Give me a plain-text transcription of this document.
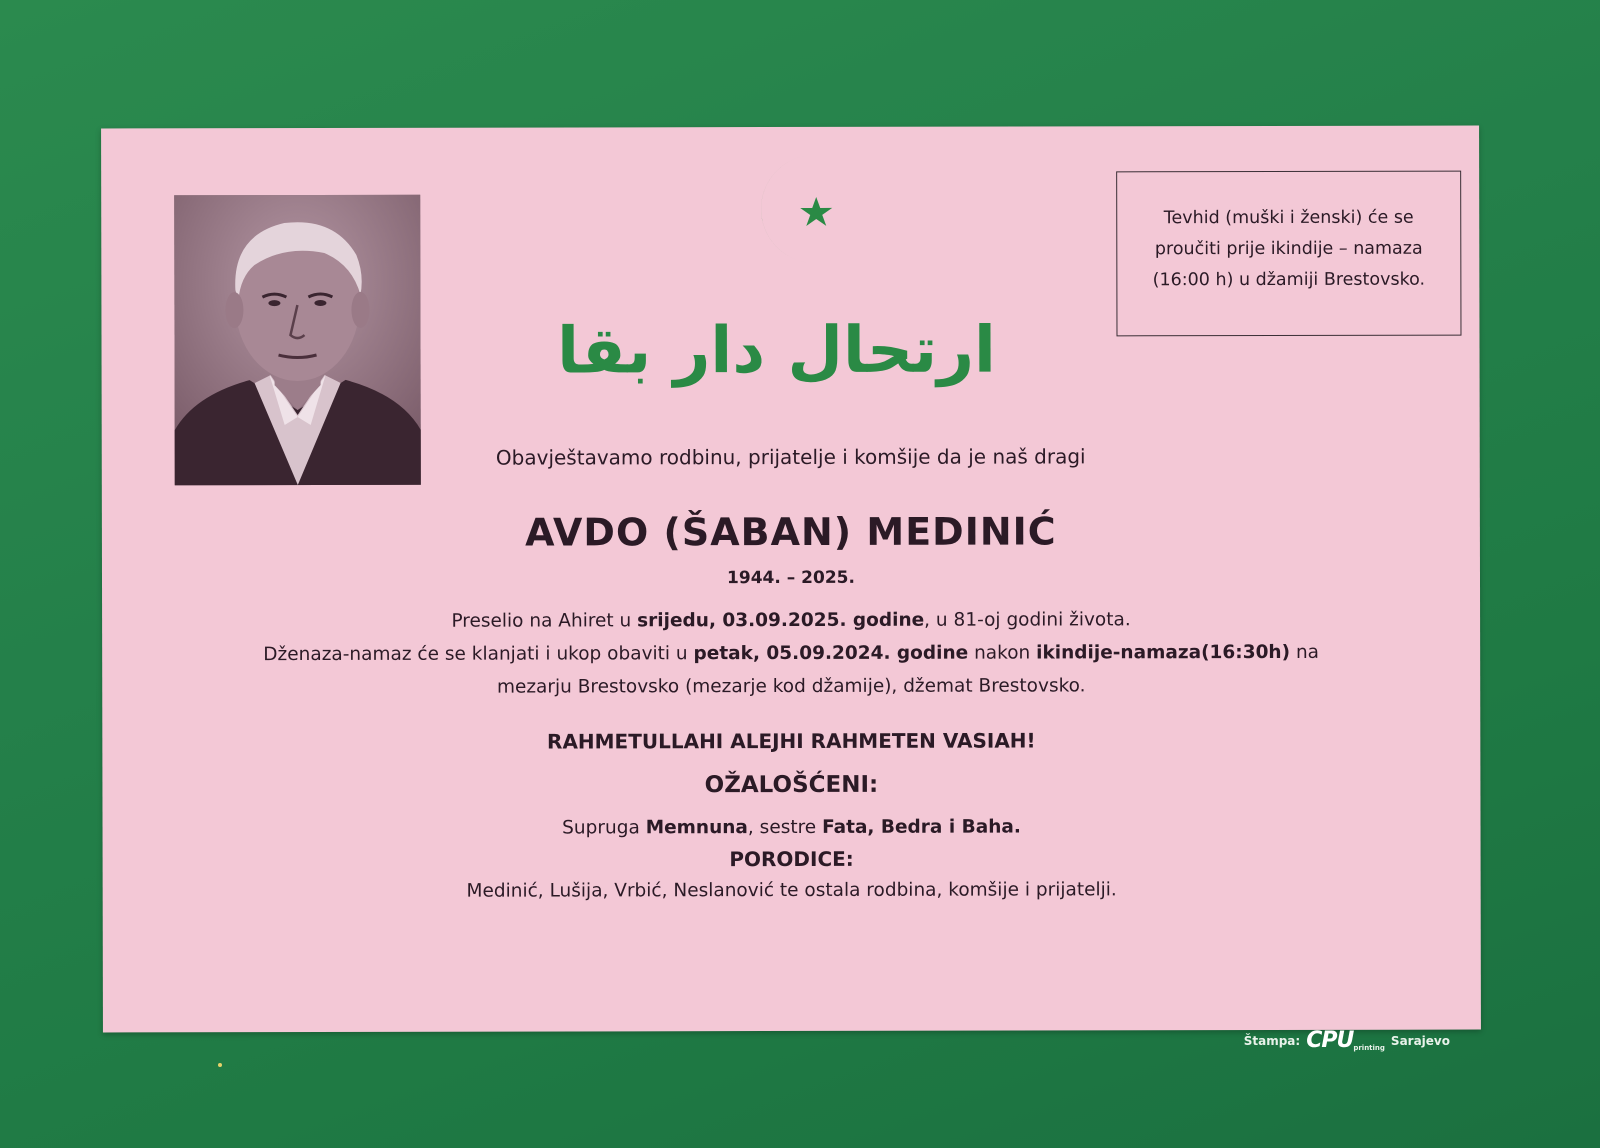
ارتحال دار بقا
Tevhid (muški i ženski) će se proučiti prije ikindije – namaza (16:00 h) u džamiji Brestovsko.
Obavještavamo rodbinu, prijatelje i komšije da je naš dragi
AVDO (ŠABAN) MEDINIĆ
1944. – 2025.
Preselio na Ahiret u srijedu, 03.09.2025. godine, u 81-oj godini života.
Dženaza-namaz će se klanjati i ukop obaviti u petak, 05.09.2024. godine nakon ikindije-namaza(16:30h) na
mezarju Brestovsko (mezarje kod džamije), džemat Brestovsko.
RAHMETULLAHI ALEJHI RAHMETEN VASIAH!
OŽALOŠĆENI:
Supruga Memnuna, sestre Fata, Bedra i Baha.
PORODICE:
Medinić, Lušija, Vrbić, Neslanović te ostala rodbina, komšije i prijatelji.
Štampa: CPU printing Sarajevo
